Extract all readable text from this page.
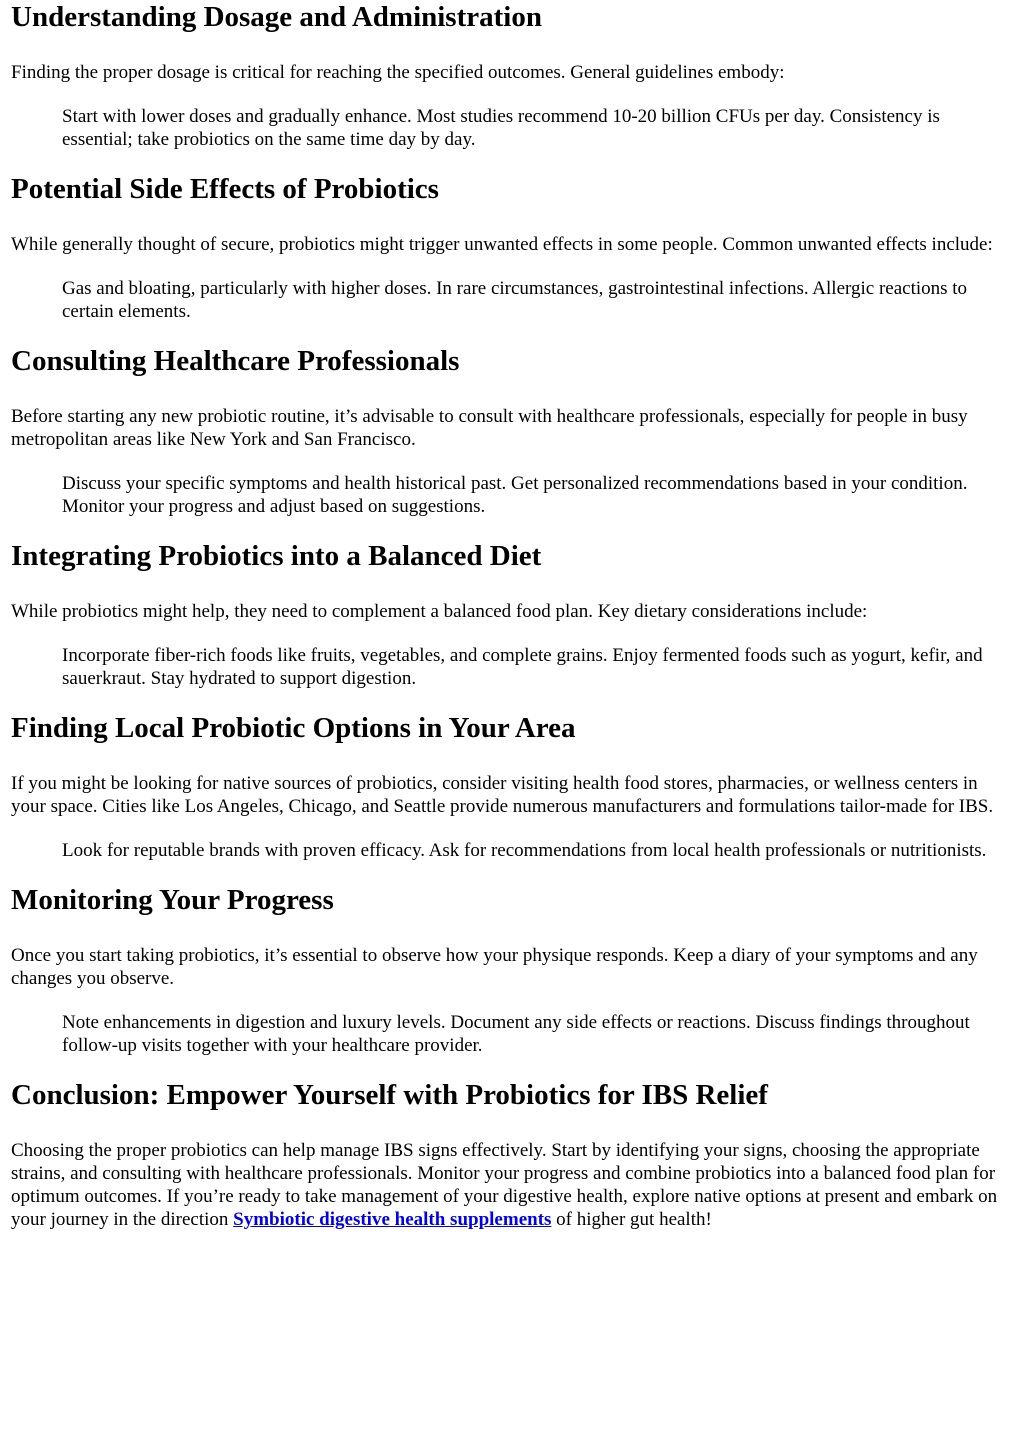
Understanding Dosage and Administration

Finding the proper dosage is critical for reaching the specified outcomes. General guidelines embody:

Start with lower doses and gradually enhance. Most studies recommend 10-20 billion CFUs per day. Consistency is essential; take probiotics on the same time day by day.

Potential Side Effects of Probiotics

While generally thought of secure, probiotics might trigger unwanted effects in some people. Common unwanted effects include:

Gas and bloating, particularly with higher doses. In rare circumstances, gastrointestinal infections. Allergic reactions to certain elements.

Consulting Healthcare Professionals

Before starting any new probiotic routine, it’s advisable to consult with healthcare professionals, especially for people in busy metropolitan areas like New York and San Francisco.

Discuss your specific symptoms and health historical past. Get personalized recommendations based in your condition. Monitor your progress and adjust based on suggestions.

Integrating Probiotics into a Balanced Diet

While probiotics might help, they need to complement a balanced food plan. Key dietary considerations include:

Incorporate fiber-rich foods like fruits, vegetables, and complete grains. Enjoy fermented foods such as yogurt, kefir, and sauerkraut. Stay hydrated to support digestion.

Finding Local Probiotic Options in Your Area

If you might be looking for native sources of probiotics, consider visiting health food stores, pharmacies, or wellness centers in your space. Cities like Los Angeles, Chicago, and Seattle provide numerous manufacturers and formulations tailor-made for IBS.

Look for reputable brands with proven efficacy. Ask for recommendations from local health professionals or nutritionists.

Monitoring Your Progress

Once you start taking probiotics, it’s essential to observe how your physique responds. Keep a diary of your symptoms and any changes you observe.

Note enhancements in digestion and luxury levels. Document any side effects or reactions. Discuss findings throughout follow-up visits together with your healthcare provider.

Conclusion: Empower Yourself with Probiotics for IBS Relief

Choosing the proper probiotics can help manage IBS signs effectively. Start by identifying your signs, choosing the appropriate strains, and consulting with healthcare professionals. Monitor your progress and combine probiotics into a balanced food plan for optimum outcomes. If you’re ready to take management of your digestive health, explore native options at present and embark on your journey in the direction Symbiotic digestive health supplements of higher gut health!
